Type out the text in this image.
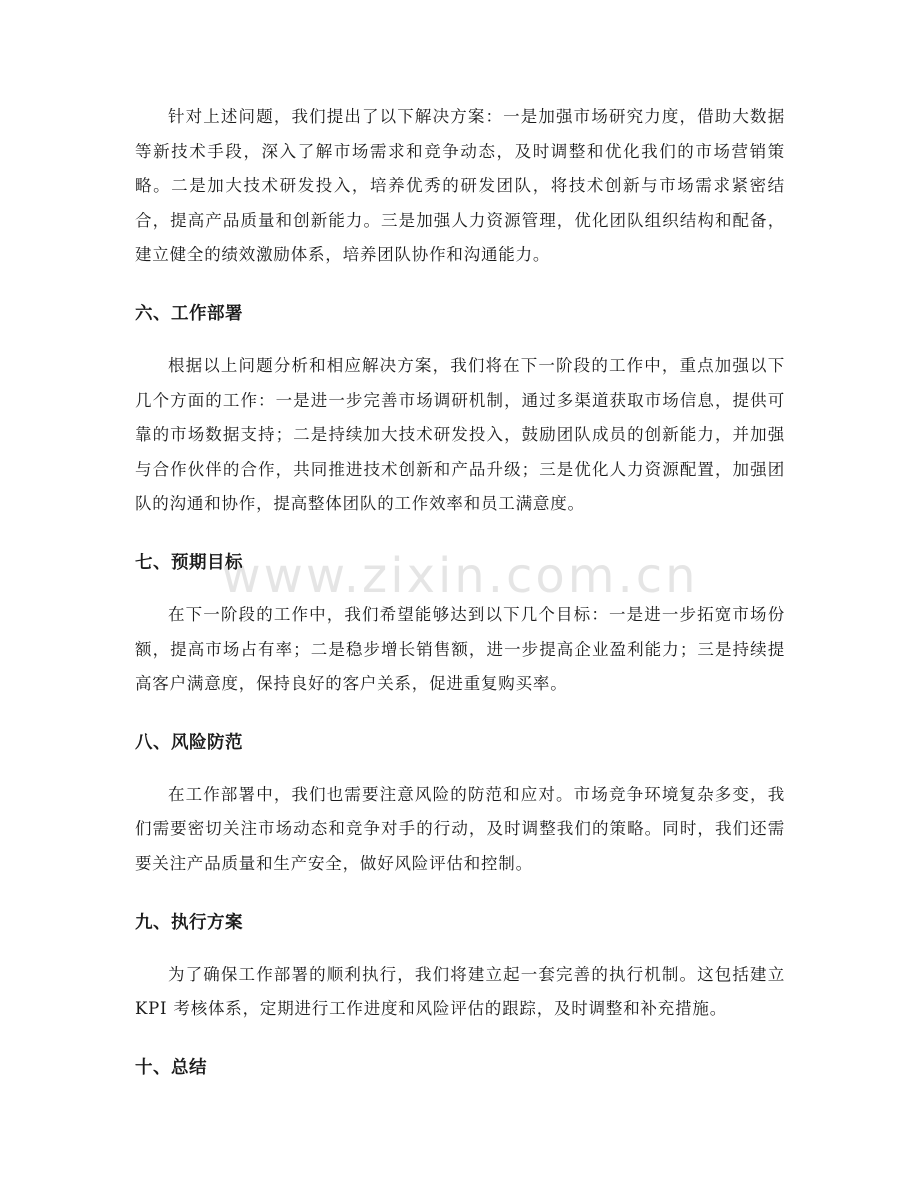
针对上述问题，我们提出了以下解决方案：一是加强市场研究力度，借助大数据等新技术手段，深入了解市场需求和竞争动态，及时调整和优化我们的市场营销策略。二是加大技术研发投入，培养优秀的研发团队，将技术创新与市场需求紧密结合，提高产品质量和创新能力。三是加强人力资源管理，优化团队组织结构和配备，建立健全的绩效激励体系，培养团队协作和沟通能力。

六、工作部署

根据以上问题分析和相应解决方案，我们将在下一阶段的工作中，重点加强以下几个方面的工作：一是进一步完善市场调研机制，通过多渠道获取市场信息，提供可靠的市场数据支持；二是持续加大技术研发投入，鼓励团队成员的创新能力，并加强与合作伙伴的合作，共同推进技术创新和产品升级；三是优化人力资源配置，加强团队的沟通和协作，提高整体团队的工作效率和员工满意度。

七、预期目标

在下一阶段的工作中，我们希望能够达到以下几个目标：一是进一步拓宽市场份额，提高市场占有率；二是稳步增长销售额，进一步提高企业盈利能力；三是持续提高客户满意度，保持良好的客户关系，促进重复购买率。

八、风险防范

在工作部署中，我们也需要注意风险的防范和应对。市场竞争环境复杂多变，我们需要密切关注市场动态和竞争对手的行动，及时调整我们的策略。同时，我们还需要关注产品质量和生产安全，做好风险评估和控制。

九、执行方案

为了确保工作部署的顺利执行，我们将建立起一套完善的执行机制。这包括建立 KPI 考核体系，定期进行工作进度和风险评估的跟踪，及时调整和补充措施。

十、总结
www.zixin.com.cn
